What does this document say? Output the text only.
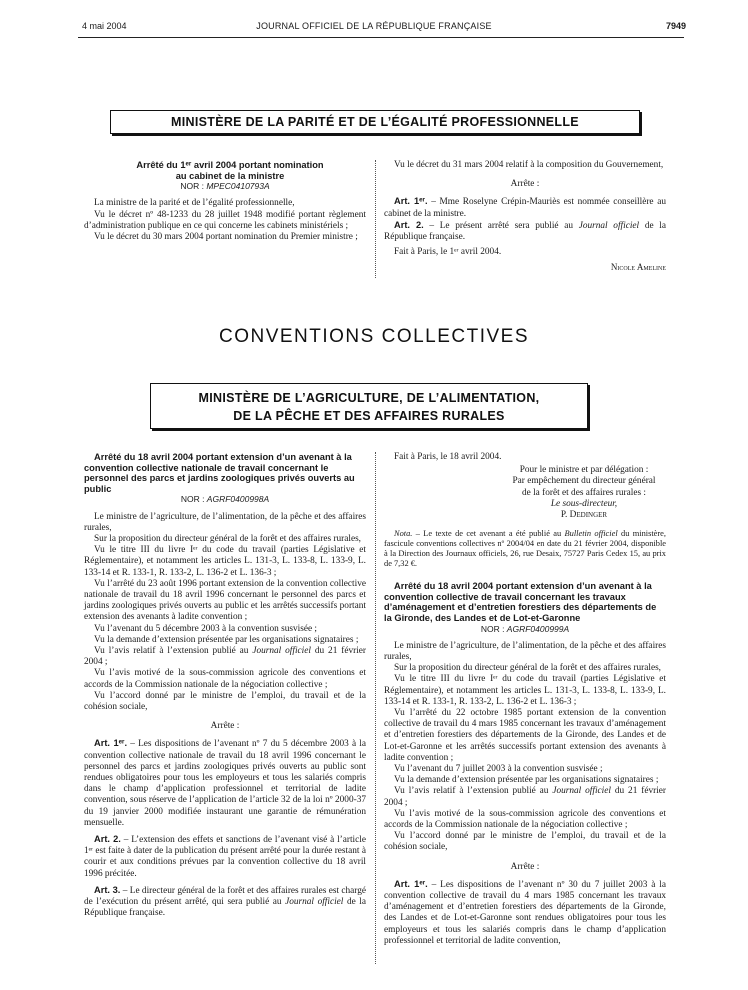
4 mai 2004	JOURNAL OFFICIEL DE LA RÉPUBLIQUE FRANÇAISE	7949
MINISTÈRE DE LA PARITÉ ET DE L’ÉGALITÉ PROFESSIONNELLE

Arrêté du 1ᵉʳ avril 2004 portant nomination

au cabinet de la ministre

NOR : MPEC0410793A

La ministre de la parité et de l’égalité professionnelle,

Vu le décret nº 48-1233 du 28 juillet 1948 modifié portant règlement d’administration publique en ce qui concerne les cabinets ministériels ;

Vu le décret du 30 mars 2004 portant nomination du Premier ministre ;

Vu le décret du 31 mars 2004 relatif à la composition du Gouvernement,

Arrête :

Art. 1ᵉʳ. – Mme Roselyne Crépin-Mauriès est nommée conseillère au cabinet de la ministre.

Art. 2. – Le présent arrêté sera publié au Journal officiel de la République française.

Fait à Paris, le 1ᵉʳ avril 2004.

Nicole Ameline

CONVENTIONS COLLECTIVES
MINISTÈRE DE L’AGRICULTURE, DE L’ALIMENTATION,
DE LA PÊCHE ET DES AFFAIRES RURALES

Arrêté du 18 avril 2004 portant extension d’un avenant à la convention collective nationale de travail concernant le personnel des parcs et jardins zoologiques privés ouverts au public

NOR : AGRF0400998A

Le ministre de l’agriculture, de l’alimentation, de la pêche et des affaires rurales,

Sur la proposition du directeur général de la forêt et des affaires rurales,

Vu le titre III du livre Iᵉʳ du code du travail (parties Législative et Réglementaire), et notamment les articles L. 131-3, L. 133-8, L. 133-9, L. 133-14 et R. 133-1, R. 133-2, L. 136-2 et L. 136-3 ;

Vu l’arrêté du 23 août 1996 portant extension de la convention collective nationale de travail du 18 avril 1996 concernant le personnel des parcs et jardins zoologiques privés ouverts au public et les arrêtés successifs portant extension des avenants à ladite convention ;

Vu l’avenant du 5 décembre 2003 à la convention susvisée ;

Vu la demande d’extension présentée par les organisations signataires ;

Vu l’avis relatif à l’extension publié au Journal officiel du 21 février 2004 ;

Vu l’avis motivé de la sous-commission agricole des conventions et accords de la Commission nationale de la négociation collective ;

Vu l’accord donné par le ministre de l’emploi, du travail et de la cohésion sociale,

Arrête :

Art. 1ᵉʳ. – Les dispositions de l’avenant nº 7 du 5 décembre 2003 à la convention collective nationale de travail du 18 avril 1996 concernant le personnel des parcs et jardins zoologiques privés ouverts au public sont rendues obligatoires pour tous les employeurs et tous les salariés compris dans le champ d’application professionnel et territorial de ladite convention, sous réserve de l’application de l’article 32 de la loi nº 2000-37 du 19 janvier 2000 modifiée instaurant une garantie de rémunération mensuelle.

Art. 2. – L’extension des effets et sanctions de l’avenant visé à l’article 1ᵉʳ est faite à dater de la publication du présent arrêté pour la durée restant à courir et aux conditions prévues par la convention collective du 18 avril 1996 précitée.

Art. 3. – Le directeur général de la forêt et des affaires rurales est chargé de l’exécution du présent arrêté, qui sera publié au Journal officiel de la République française.

Fait à Paris, le 18 avril 2004.

Pour le ministre et par délégation :
Par empêchement du directeur général
de la forêt et des affaires rurales :
Le sous-directeur,
P. Dedinger

Nota. – Le texte de cet avenant a été publié au Bulletin officiel du ministère, fascicule conventions collectives nº 2004/04 en date du 21 février 2004, disponible à la Direction des Journaux officiels, 26, rue Desaix, 75727 Paris Cedex 15, au prix de 7,32 €.

Arrêté du 18 avril 2004 portant extension d’un avenant à la convention collective de travail concernant les travaux d’aménagement et d’entretien forestiers des départements de la Gironde, des Landes et de Lot-et-Garonne

NOR : AGRF0400999A

Le ministre de l’agriculture, de l’alimentation, de la pêche et des affaires rurales,

Sur la proposition du directeur général de la forêt et des affaires rurales,

Vu le titre III du livre Iᵉʳ du code du travail (parties Législative et Réglementaire), et notamment les articles L. 131-3, L. 133-8, L. 133-9, L. 133-14 et R. 133-1, R. 133-2, L. 136-2 et L. 136-3 ;

Vu l’arrêté du 22 octobre 1985 portant extension de la convention collective de travail du 4 mars 1985 concernant les travaux d’aménagement et d’entretien forestiers des départements de la Gironde, des Landes et de Lot-et-Garonne et les arrêtés successifs portant extension des avenants à ladite convention ;

Vu l’avenant du 7 juillet 2003 à la convention susvisée ;

Vu la demande d’extension présentée par les organisations signataires ;

Vu l’avis relatif à l’extension publié au Journal officiel du 21 février 2004 ;

Vu l’avis motivé de la sous-commission agricole des conventions et accords de la Commission nationale de la négociation collective ;

Vu l’accord donné par le ministre de l’emploi, du travail et de la cohésion sociale,

Arrête :

Art. 1ᵉʳ. – Les dispositions de l’avenant nº 30 du 7 juillet 2003 à la convention collective de travail du 4 mars 1985 concernant les travaux d’aménagement et d’entretien forestiers des départements de la Gironde, des Landes et de Lot-et-Garonne sont rendues obligatoires pour tous les employeurs et tous les salariés compris dans le champ d’application professionnel et territorial de ladite convention,
